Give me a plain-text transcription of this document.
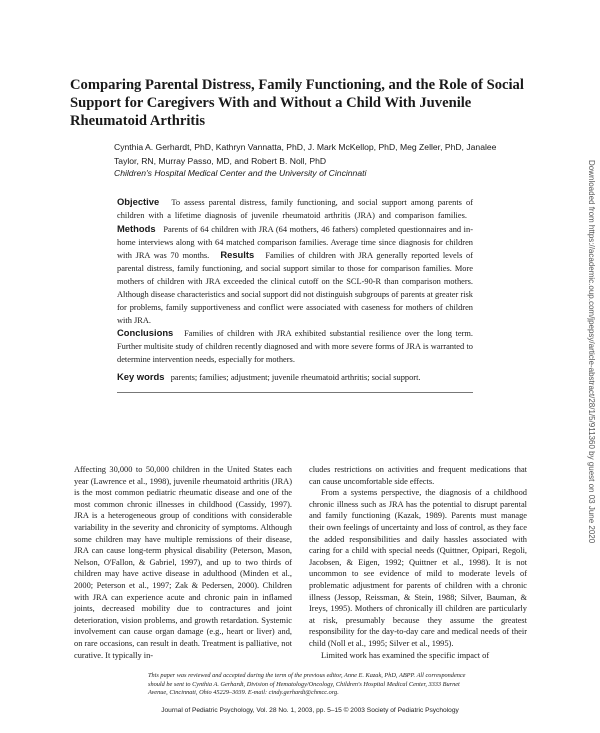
Comparing Parental Distress, Family Functioning, and the Role of Social Support for Caregivers With and Without a Child With Juvenile Rheumatoid Arthritis
Cynthia A. Gerhardt, PhD, Kathryn Vannatta, PhD, J. Mark McKellop, PhD, Meg Zeller, PhD, Janalee Taylor, RN, Murray Passo, MD, and Robert B. Noll, PhD
Children's Hospital Medical Center and the University of Cincinnati
Objective To assess parental distress, family functioning, and social support among parents of children with a lifetime diagnosis of juvenile rheumatoid arthritis (JRA) and comparison families.   Methods Parents of 64 children with JRA (64 mothers, 46 fathers) completed questionnaires and in-home interviews along with 64 matched comparison families. Average time since diagnosis for children with JRA was 70 months. Results Families of children with JRA generally reported levels of parental distress, family functioning, and social support similar to those for comparison families. More mothers of children with JRA exceeded the clinical cutoff on the SCL-90-R than comparison mothers. Although disease characteristics and social support did not distinguish subgroups of parents at greater risk for problems, family supportiveness and conflict were associated with caseness for mothers of children with JRA.
Conclusions Families of children with JRA exhibited substantial resilience over the long term. Further multisite study of children recently diagnosed and with more severe forms of JRA is warranted to determine intervention needs, especially for mothers.
Key words parents; families; adjustment; juvenile rheumatoid arthritis; social support.

Affecting 30,000 to 50,000 children in the United States each year (Lawrence et al., 1998), juvenile rheumatoid arthritis (JRA) is the most common pediatric rheumatic disease and one of the most common chronic illnesses in childhood (Cassidy, 1997). JRA is a heterogeneous group of conditions with considerable variability in the severity and chronicity of symptoms. Although some children may have multiple remissions of their disease, JRA can cause long-term physical disability (Peterson, Mason, Nelson, O'Fallon, & Gabriel, 1997), and up to two thirds of children may have active disease in adulthood (Minden et al., 2000; Peterson et al., 1997; Zak & Pedersen, 2000). Children with JRA can experience acute and chronic pain in inflamed joints, decreased mobility due to contractures and joint deterioration, vision problems, and growth retardation. Systemic involvement can cause organ damage (e.g., heart or liver) and, on rare occasions, can result in death. Treatment is palliative, not curative. It typically in-

cludes restrictions on activities and frequent medications that can cause uncomfortable side effects.

From a systems perspective, the diagnosis of a childhood chronic illness such as JRA has the potential to disrupt parental and family functioning (Kazak, 1989). Parents must manage their own feelings of uncertainty and loss of control, as they face the added responsibilities and daily hassles associated with caring for a child with special needs (Quittner, Opipari, Regoli, Jacobsen, & Eigen, 1992; Quittner et al., 1998). It is not uncommon to see evidence of mild to moderate levels of problematic adjustment for parents of children with a chronic illness (Jessop, Reissman, & Stein, 1988; Silver, Bauman, & Ireys, 1995). Mothers of chronically ill children are particularly at risk, presumably because they assume the greatest responsibility for the day-to-day care and medical needs of their child (Noll et al., 1995; Silver et al., 1995).

Limited work has examined the specific impact of

This paper was reviewed and accepted during the term of the previous editor, Anne E. Kazak, PhD, ABPP. All correspondence should be sent to Cynthia A. Gerhardt, Division of Hematology/Oncology, Children's Hospital Medical Center, 3333 Burnet Avenue, Cincinnati, Ohio 45229–3039. E-mail: cindy.gerhardt@chmcc.org.
Journal of Pediatric Psychology, Vol. 28 No. 1, 2003, pp. 5–15 © 2003 Society of Pediatric Psychology
Downloaded from https://academic.oup.com/jpepsy/article-abstract/28/1/5/911360 by guest on 03 June 2020
